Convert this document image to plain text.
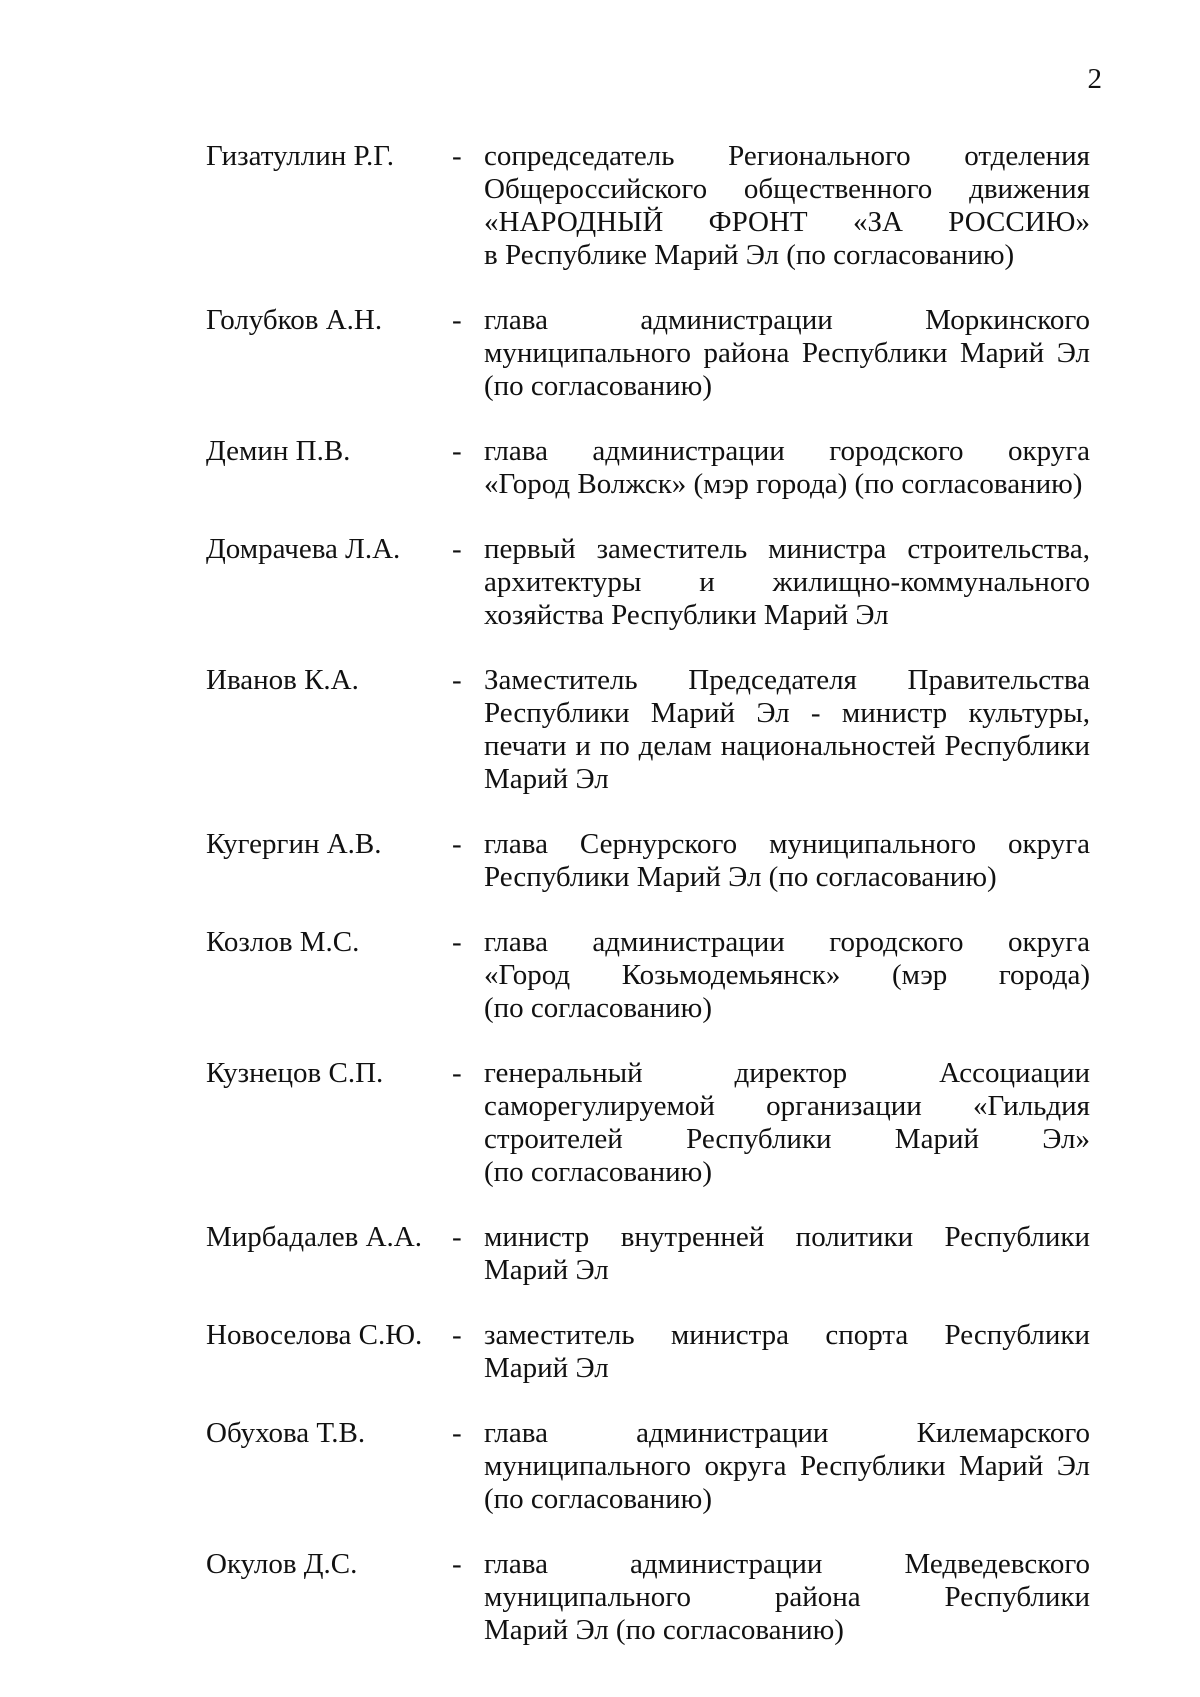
2
Гизатуллин Р.Г.	- сопредседатель Регионального отделения
Общероссийского общественного движения
«НАРОДНЫЙ ФРОНТ «ЗА РОССИЮ»
в Республике Марий Эл (по согласованию)
Голубков А.Н.	- глава администрации Моркинского
муниципального района Республики Марий Эл
(по согласованию)
Демин П.В.	- глава администрации городского округа
«Город Волжск» (мэр города) (по согласованию)
Домрачева Л.А.	- первый заместитель министра строительства,
архитектуры и жилищно-коммунального
хозяйства Республики Марий Эл
Иванов К.А.	- Заместитель Председателя Правительства
Республики Марий Эл - министр культуры,
печати и по делам национальностей Республики
Марий Эл
Кугергин А.В.	- глава Сернурского муниципального округа
Республики Марий Эл (по согласованию)
Козлов М.С.	- глава администрации городского округа
«Город Козьмодемьянск» (мэр города)
(по согласованию)
Кузнецов С.П.	- генеральный директор Ассоциации
саморегулируемой организации «Гильдия
строителей Республики Марий Эл»
(по согласованию)
Мирбадалев А.А.	- министр внутренней политики Республики
Марий Эл
Новоселова С.Ю.	- заместитель министра спорта Республики
Марий Эл
Обухова Т.В.	- глава администрации Килемарского
муниципального округа Республики Марий Эл
(по согласованию)
Окулов Д.С.	- глава администрации Медведевского
муниципального района Республики
Марий Эл (по согласованию)
